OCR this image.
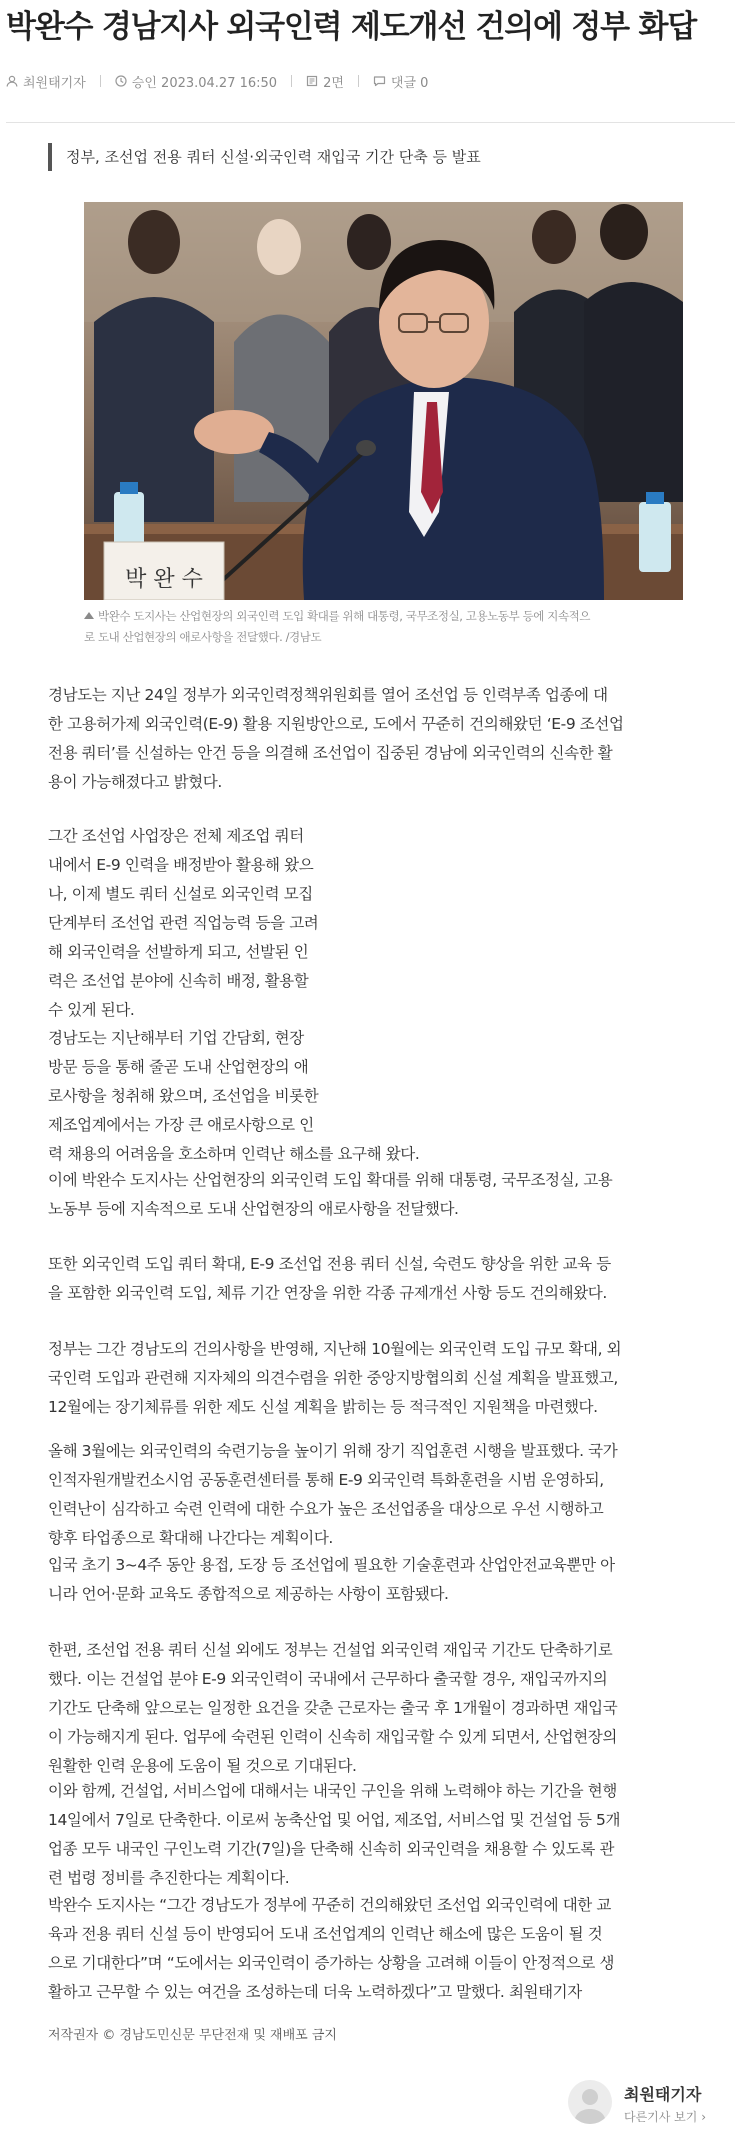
박완수 경남지사 외국인력 제도개선 건의에 정부 화답
최원태기자	승인 2023.04.27 16:50	2면	댓글 0
정부, 조선업 전용 쿼터 신설·외국인력 재입국 기간 단축 등 발표
박 완 수
박완수 도지사는 산업현장의 외국인력 도입 확대를 위해 대통령, 국무조정실, 고용노동부 등에 지속적으
로 도내 산업현장의 애로사항을 전달했다. /경남도
경남도는 지난 24일 정부가 외국인력정책위원회를 열어 조선업 등 인력부족 업종에 대
한 고용허가제 외국인력(E-9) 활용 지원방안으로, 도에서 꾸준히 건의해왔던 ‘E-9 조선업
전용 쿼터’를 신설하는 안건 등을 의결해 조선업이 집중된 경남에 외국인력의 신속한 활
용이 가능해졌다고 밝혔다.
그간 조선업 사업장은 전체 제조업 쿼터
내에서 E-9 인력을 배정받아 활용해 왔으
나, 이제 별도 쿼터 신설로 외국인력 모집
단계부터 조선업 관련 직업능력 등을 고려
해 외국인력을 선발하게 되고, 선발된 인
력은 조선업 분야에 신속히 배정, 활용할
수 있게 된다.
경남도는 지난해부터 기업 간담회, 현장
방문 등을 통해 줄곧 도내 산업현장의 애
로사항을 청취해 왔으며, 조선업을 비롯한
제조업계에서는 가장 큰 애로사항으로 인
력 채용의 어려움을 호소하며 인력난 해소를 요구해 왔다.
이에 박완수 도지사는 산업현장의 외국인력 도입 확대를 위해 대통령, 국무조정실, 고용
노동부 등에 지속적으로 도내 산업현장의 애로사항을 전달했다.
또한 외국인력 도입 쿼터 확대, E-9 조선업 전용 쿼터 신설, 숙련도 향상을 위한 교육 등
을 포함한 외국인력 도입, 체류 기간 연장을 위한 각종 규제개선 사항 등도 건의해왔다.
정부는 그간 경남도의 건의사항을 반영해, 지난해 10월에는 외국인력 도입 규모 확대, 외
국인력 도입과 관련해 지자체의 의견수렴을 위한 중앙지방협의회 신설 계획을 발표했고,
12월에는 장기체류를 위한 제도 신설 계획을 밝히는 등 적극적인 지원책을 마련했다.
올해 3월에는 외국인력의 숙련기능을 높이기 위해 장기 직업훈련 시행을 발표했다. 국가
인적자원개발컨소시엄 공동훈련센터를 통해 E-9 외국인력 특화훈련을 시범 운영하되,
인력난이 심각하고 숙련 인력에 대한 수요가 높은 조선업종을 대상으로 우선 시행하고
향후 타업종으로 확대해 나간다는 계획이다.
입국 초기 3~4주 동안 용접, 도장 등 조선업에 필요한 기술훈련과 산업안전교육뿐만 아
니라 언어·문화 교육도 종합적으로 제공하는 사항이 포함됐다.
한편, 조선업 전용 쿼터 신설 외에도 정부는 건설업 외국인력 재입국 기간도 단축하기로
했다. 이는 건설업 분야 E-9 외국인력이 국내에서 근무하다 출국할 경우, 재입국까지의
기간도 단축해 앞으로는 일정한 요건을 갖춘 근로자는 출국 후 1개월이 경과하면 재입국
이 가능해지게 된다. 업무에 숙련된 인력이 신속히 재입국할 수 있게 되면서, 산업현장의
원활한 인력 운용에 도움이 될 것으로 기대된다.
이와 함께, 건설업, 서비스업에 대해서는 내국인 구인을 위해 노력해야 하는 기간을 현행
14일에서 7일로 단축한다. 이로써 농축산업 및 어업, 제조업, 서비스업 및 건설업 등 5개
업종 모두 내국인 구인노력 기간(7일)을 단축해 신속히 외국인력을 채용할 수 있도록 관
련 법령 정비를 추진한다는 계획이다.
박완수 도지사는 “그간 경남도가 정부에 꾸준히 건의해왔던 조선업 외국인력에 대한 교
육과 전용 쿼터 신설 등이 반영되어 도내 조선업계의 인력난 해소에 많은 도움이 될 것
으로 기대한다”며 “도에서는 외국인력이 증가하는 상황을 고려해 이들이 안정적으로 생
활하고 근무할 수 있는 여건을 조성하는데 더욱 노력하겠다”고 말했다. 최원태기자
저작권자 © 경남도민신문 무단전재 및 재배포 금지
최원태기자
다른기사 보기 ›
